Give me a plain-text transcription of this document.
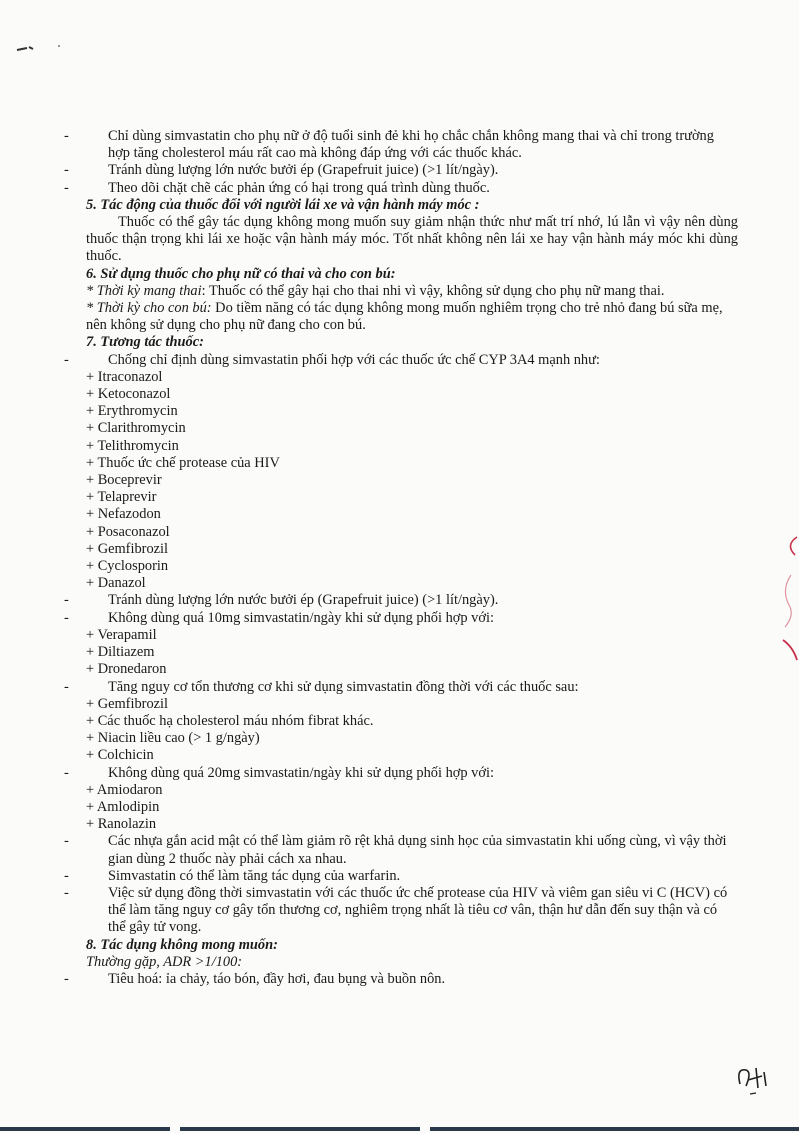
-	Chỉ dùng simvastatin cho phụ nữ ở độ tuổi sinh đẻ khi họ chắc chắn không mang thai và chỉ trong trường hợp tăng cholesterol máu rất cao mà không đáp ứng với các thuốc khác.
-	Tránh dùng lượng lớn nước bưởi ép (Grapefruit juice) (>1 lít/ngày).
-	Theo dõi chặt chẽ các phản ứng có hại trong quá trình dùng thuốc.
5. Tác động của thuốc đối với người lái xe và vận hành máy móc :
Thuốc có thể gây tác dụng không mong muốn suy giảm nhận thức như mất trí nhớ, lú lẫn vì vậy nên dùng thuốc thận trọng khi lái xe hoặc vận hành máy móc. Tốt nhất không nên lái xe hay vận hành máy móc khi dùng thuốc.
6. Sử dụng thuốc cho phụ nữ có thai và cho con bú:
* Thời kỳ mang thai: Thuốc có thể gây hại cho thai nhi vì vậy, không sử dụng cho phụ nữ mang thai.
* Thời kỳ cho con bú: Do tiềm năng có tác dụng không mong muốn nghiêm trọng cho trẻ nhỏ đang bú sữa mẹ, nên không sử dụng cho phụ nữ đang cho con bú.
7. Tương tác thuốc:
-	Chống chỉ định dùng simvastatin phối hợp với các thuốc ức chế CYP 3A4 mạnh như:
+ Itraconazol
+ Ketoconazol
+ Erythromycin
+ Clarithromycin
+ Telithromycin
+ Thuốc ức chế protease của HIV
+ Boceprevir
+ Telaprevir
+ Nefazodon
+ Posaconazol
+ Gemfibrozil
+ Cyclosporin
+ Danazol
-	Tránh dùng lượng lớn nước bưởi ép (Grapefruit juice) (>1 lít/ngày).
-	Không dùng quá 10mg simvastatin/ngày khi sử dụng phối hợp với:
+ Verapamil
+ Diltiazem
+ Dronedaron
-	Tăng nguy cơ tổn thương cơ khi sử dụng simvastatin đồng thời với các thuốc sau:
+ Gemfibrozil
+ Các thuốc hạ cholesterol máu nhóm fibrat khác.
+ Niacin liều cao (> 1 g/ngày)
+ Colchicin
-	Không dùng quá 20mg simvastatin/ngày khi sử dụng phối hợp với:
+ Amiodaron
+ Amlodipin
+ Ranolazin
-	Các nhựa gắn acid mật có thể làm giảm rõ rệt khả dụng sinh học của simvastatin khi uống cùng, vì vậy thời gian dùng 2 thuốc này phải cách xa nhau.
-	Simvastatin có thể làm tăng tác dụng của warfarin.
-	Việc sử dụng đồng thời simvastatin với các thuốc ức chế protease của HIV và viêm gan siêu vi C (HCV) có thể làm tăng nguy cơ gây tổn thương cơ, nghiêm trọng nhất là tiêu cơ vân, thận hư dẫn đến suy thận và có thể gây tử vong.
8. Tác dụng không mong muốn:
Thường gặp, ADR >1/100:
-	Tiêu hoá: ỉa chảy, táo bón, đầy hơi, đau bụng và buồn nôn.
